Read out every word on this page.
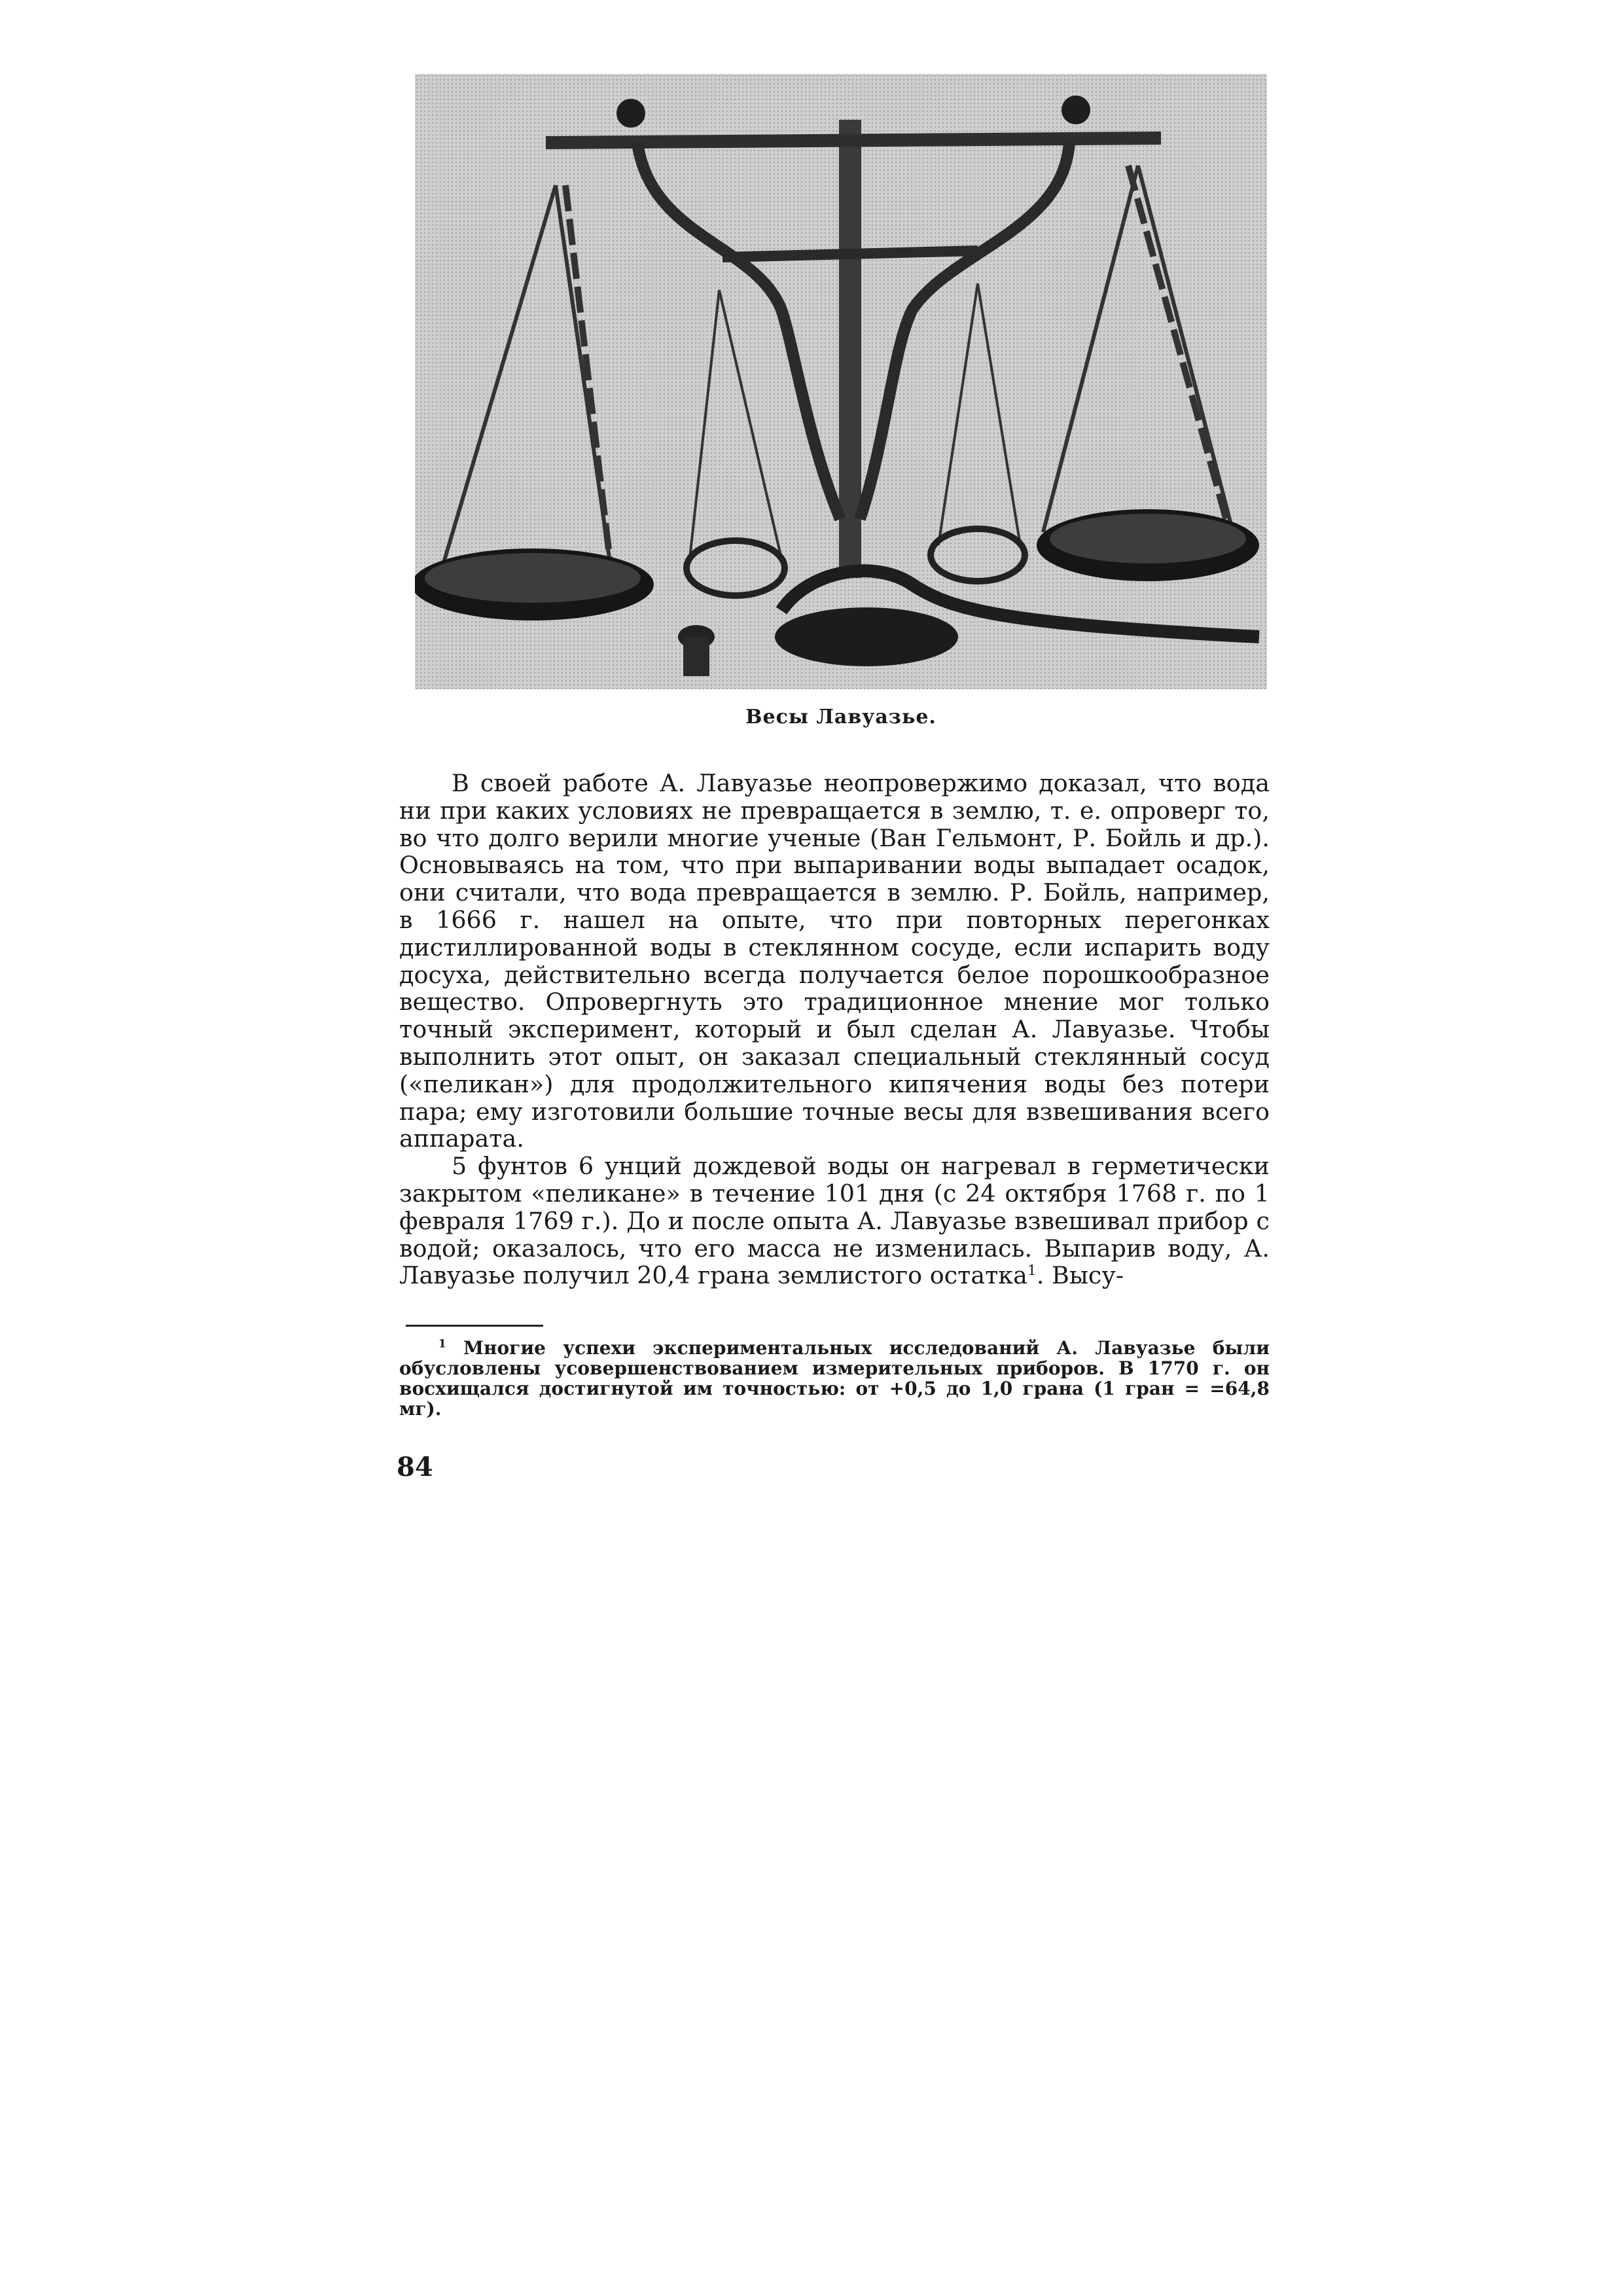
Весы Лавуазье.

В своей работе А. Лавуазье неопровержимо доказал, что вода ни при каких условиях не превращается в землю, т. е. опроверг то, во что долго верили многие ученые (Ван Гельмонт, Р. Бойль и др.). Основываясь на том, что при выпаривании воды выпадает осадок, они считали, что вода превращается в землю. Р. Бойль, например, в 1666 г. нашел на опыте, что при повторных перегонках дистиллированной воды в стеклянном сосуде, если испарить воду досуха, действительно всегда получается белое порошкообразное вещество. Опровергнуть это традиционное мнение мог только точный эксперимент, который и был сделан А. Лавуазье. Чтобы выполнить этот опыт, он заказал специальный стеклянный сосуд («пеликан») для продолжительного кипячения воды без потери пара; ему изготовили большие точные весы для взвешивания всего аппарата.

5 фунтов 6 унций дождевой воды он нагревал в герметически закрытом «пеликане» в течение 101 дня (с 24 октября 1768 г. по 1 февраля 1769 г.). До и после опыта А. Лавуазье взвешивал прибор с водой; оказалось, что его масса не изменилась. Выпарив воду, А. Лавуазье получил 20,4 грана землистого остатка$^1$. Высу-

$^1$ Многие успехи экспериментальных исследований А. Лавуазье были обусловлены усовершенствованием измерительных приборов. В 1770 г. он восхищался достигнутой им точностью: от +0,5 до 1,0 грана (1 гран = =64,8 мг).

84
